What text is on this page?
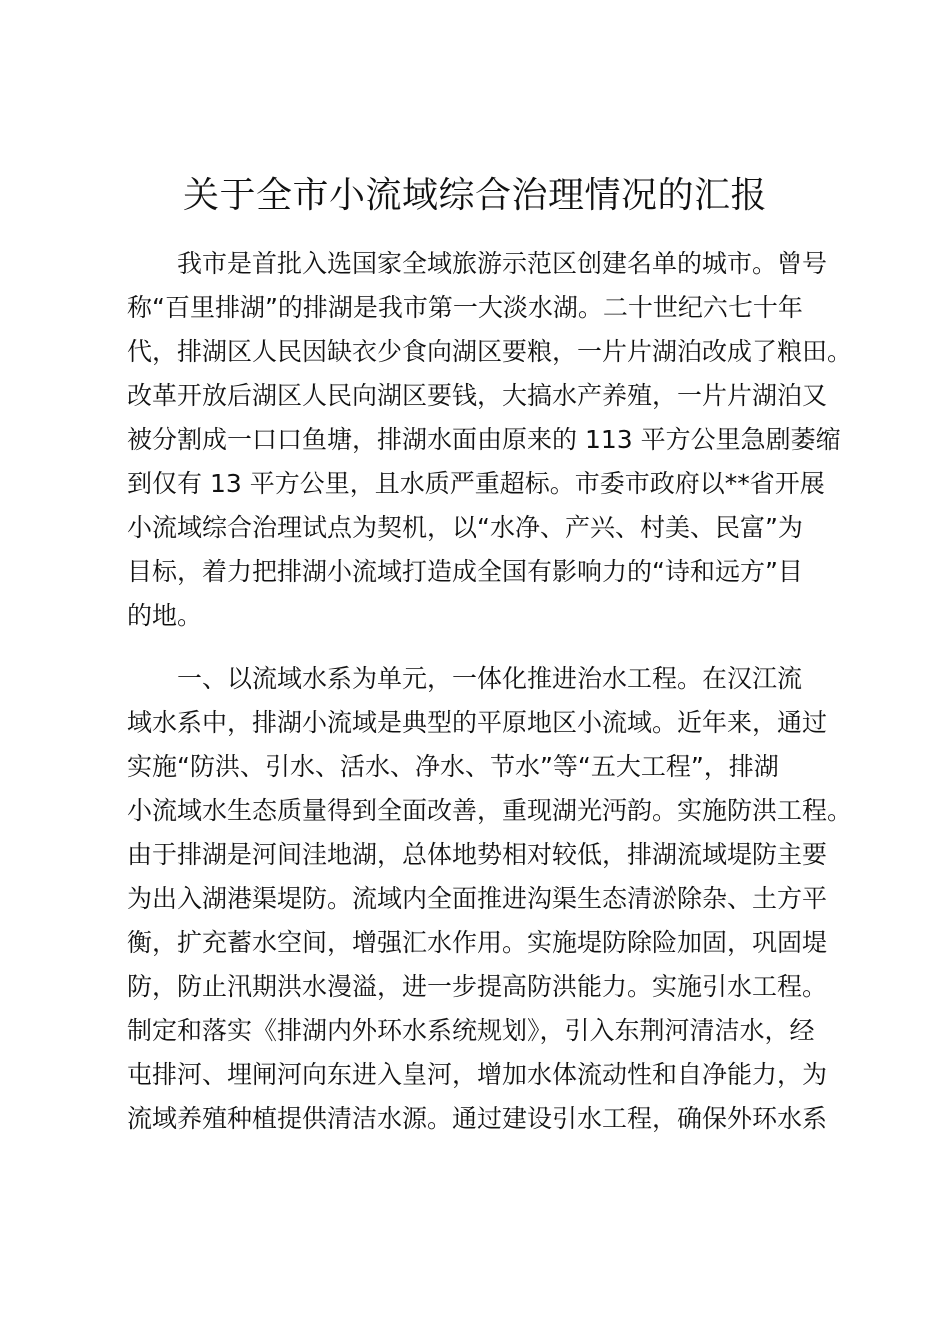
关于全市小流域综合治理情况的汇报
我市是首批入选国家全域旅游示范区创建名单的城市。曾号
称“百里排湖”的排湖是我市第一大淡水湖。二十世纪六七十年
代，排湖区人民因缺衣少食向湖区要粮，一片片湖泊改成了粮田。
改革开放后湖区人民向湖区要钱，大搞水产养殖，一片片湖泊又
被分割成一口口鱼塘，排湖水面由原来的 113 平方公里急剧萎缩
到仅有 13 平方公里，且水质严重超标。市委市政府以**省开展
小流域综合治理试点为契机，以“水净、产兴、村美、民富”为
目标，着力把排湖小流域打造成全国有影响力的“诗和远方”目
的地。
一、以流域水系为单元，一体化推进治水工程。在汉江流
域水系中，排湖小流域是典型的平原地区小流域。近年来，通过
实施“防洪、引水、活水、净水、节水”等“五大工程”，排湖
小流域水生态质量得到全面改善，重现湖光沔韵。实施防洪工程。
由于排湖是河间洼地湖，总体地势相对较低，排湖流域堤防主要
为出入湖港渠堤防。流域内全面推进沟渠生态清淤除杂、土方平
衡，扩充蓄水空间，增强汇水作用。实施堤防除险加固，巩固堤
防，防止汛期洪水漫溢，进一步提高防洪能力。实施引水工程。
制定和落实《排湖内外环水系统规划》，引入东荆河清洁水，经
屯排河、埋闸河向东进入皇河，增加水体流动性和自净能力，为
流域养殖种植提供清洁水源。通过建设引水工程，确保外环水系
